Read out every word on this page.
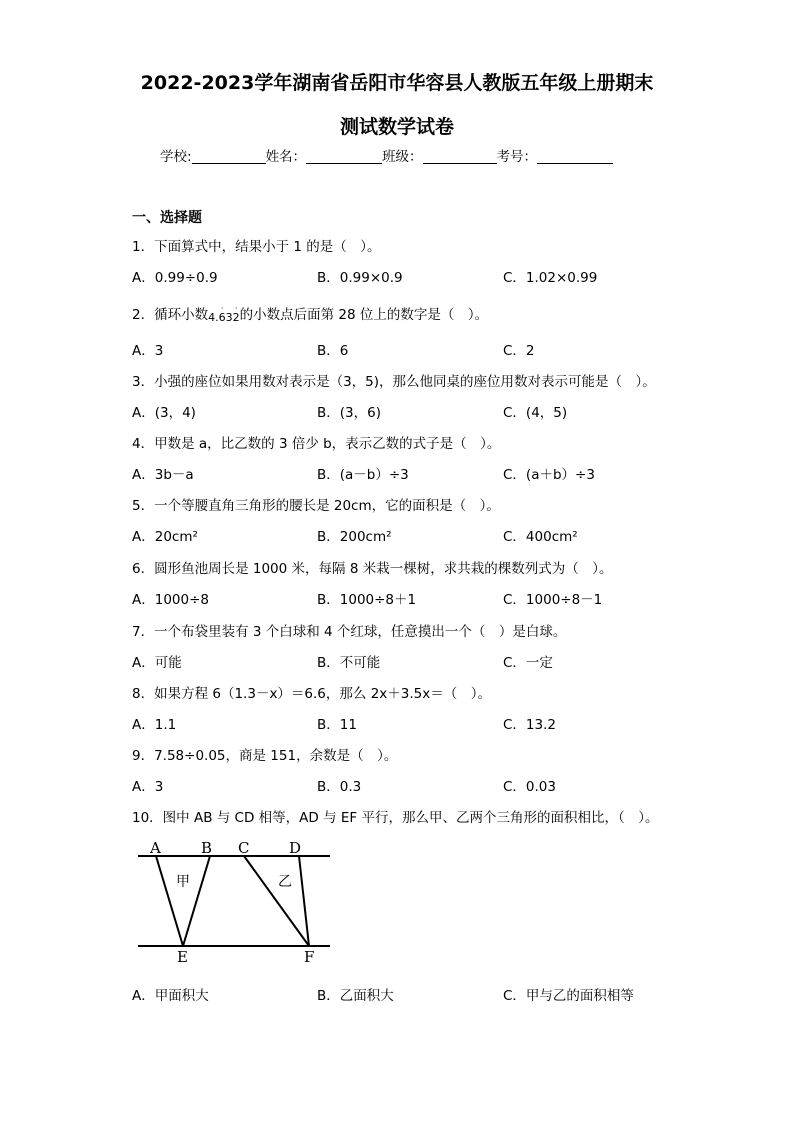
2022-2023学年湖南省岳阳市华容县人教版五年级上册期末
测试数学试卷
学校:	姓名：	班级：	考号：
一、选择题
1．下面算式中，结果小于 1 的是（　）。
A．0.99÷0.9	B．0.99×0.9	C．1.02×0.99
2．循环小数4.
·
63
·
2的小数点后面第 28 位上的数字是（　）。
A．3	B．6	C．2
3．小强的座位如果用数对表示是（3，5)，那么他同桌的座位用数对表示可能是（　）。
A．(3，4)	B．(3，6)	C．(4，5)
4．甲数是 a，比乙数的 3 倍少 b，表示乙数的式子是（　）。
A．3b－a	B．(a－b）÷3	C．(a＋b）÷3
5．一个等腰直角三角形的腰长是 20cm，它的面积是（　）。
A．20cm²	B．200cm²	C．400cm²
6．圆形鱼池周长是 1000 米，每隔 8 米栽一棵树，求共栽的棵数列式为（　）。
A．1000÷8	B．1000÷8＋1	C．1000÷8－1
7．一个布袋里装有 3 个白球和 4 个红球，任意摸出一个（　）是白球。
A．可能	B．不可能	C．一定
8．如果方程 6（1.3－x）＝6.6，那么 2x＋3.5x＝（　）。
A．1.1	B．11	C．13.2
9．7.58÷0.05，商是 151，余数是（　）。
A．3	B．0.3	C．0.03
10．图中 AB 与 CD 相等，AD 与 EF 平行，那么甲、乙两个三角形的面积相比，（　）。
A	B C	D
E	F
甲	乙
A．甲面积大	B．乙面积大	C．甲与乙的面积相等
